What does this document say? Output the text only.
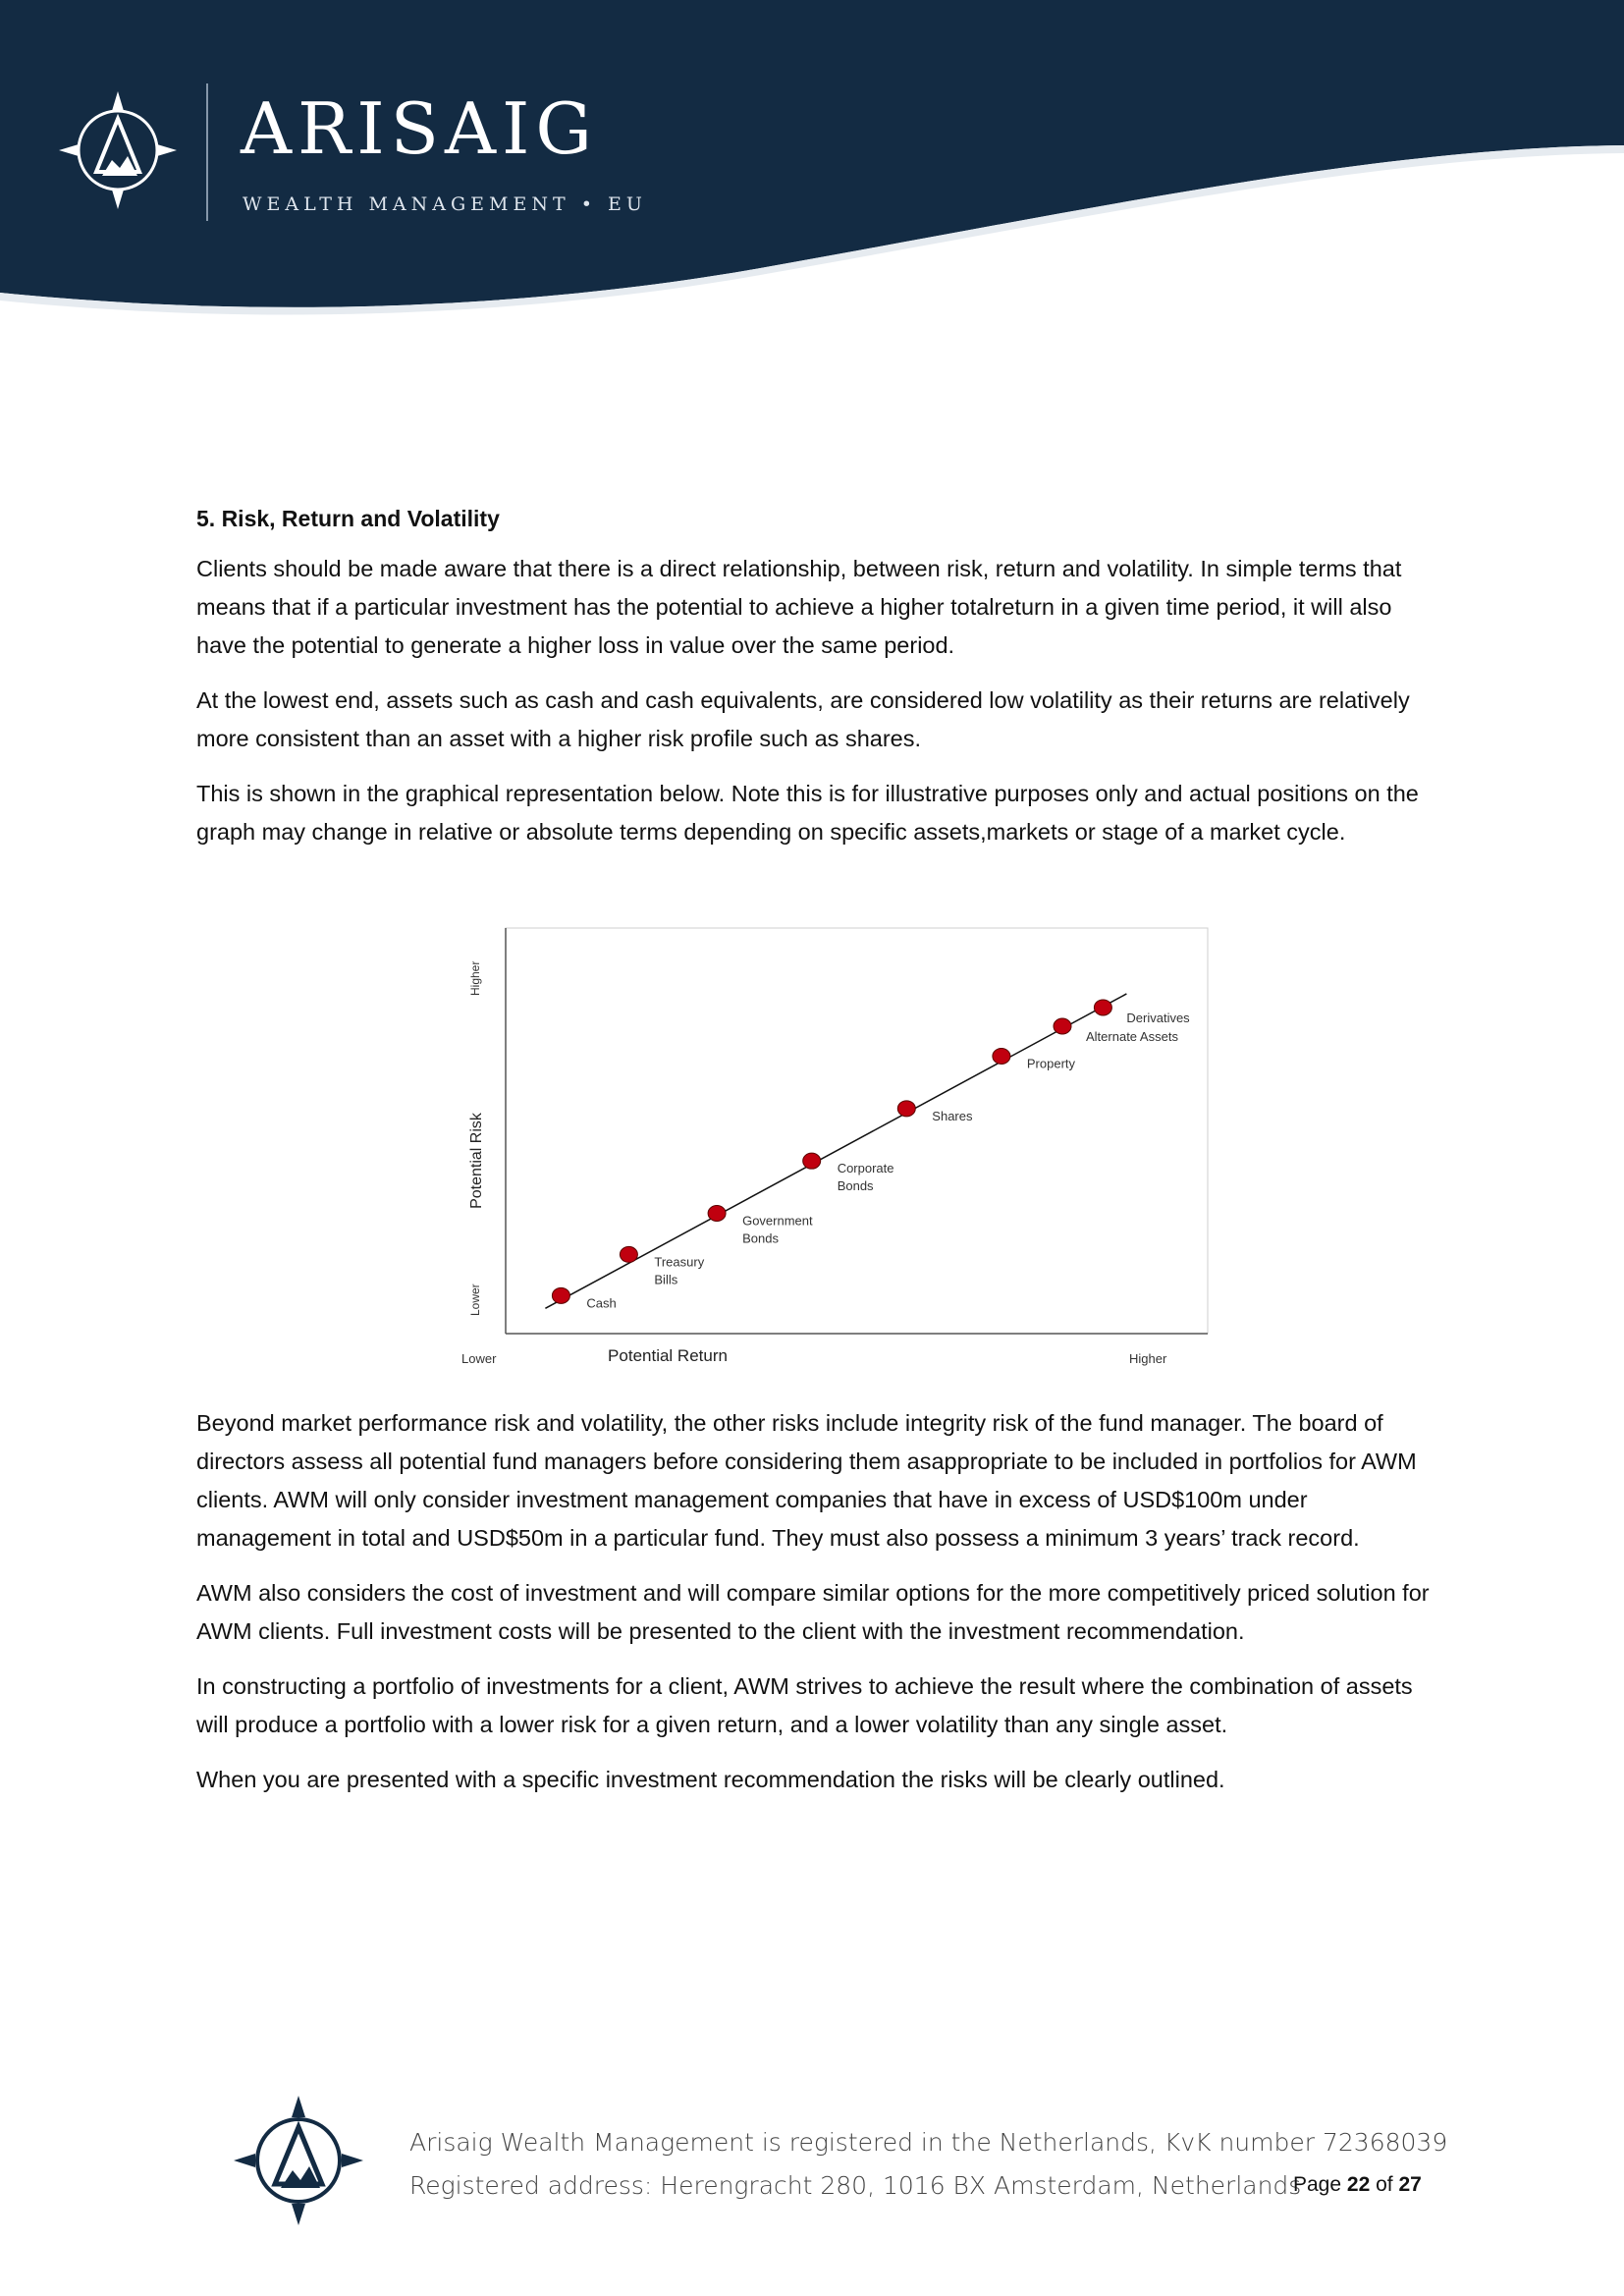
ARISAIG
WEALTH MANAGEMENT • EU
5. Risk, Return and Volatility

Clients should be made aware that there is a direct relationship, between risk, return and volatility. In simple terms that means that if a particular investment has the potential to achieve a higher totalreturn in a given time period, it will also have the potential to generate a higher loss in value over the same period.

At the lowest end, assets such as cash and cash equivalents, are considered low volatility as their returns are relatively more consistent than an asset with a higher risk profile such as shares.

This is shown in the graphical representation below. Note this is for illustrative purposes only and actual positions on the graph may change in relative or absolute terms depending on specific assets,markets or stage of a market cycle.

Cash
Treasury Bills
Government Bonds
Corporate Bonds
Shares
Property
Alternate Assets
Derivatives
Lower	Higher
Potential Return
Lower
Higher
Potential Risk

Beyond market performance risk and volatility, the other risks include integrity risk of the fund manager. The board of directors assess all potential fund managers before considering them asappropriate to be included in portfolios for AWM clients. AWM will only consider investment management companies that have in excess of USD$100m under management in total and USD$50m in a particular fund. They must also possess a minimum 3 years’ track record.

AWM also considers the cost of investment and will compare similar options for the more competitively priced solution for AWM clients. Full investment costs will be presented to the client with the investment recommendation.

In constructing a portfolio of investments for a client, AWM strives to achieve the result where the combination of assets will produce a portfolio with a lower risk for a given return, and a lower volatility than any single asset.

When you are presented with a specific investment recommendation the risks will be clearly outlined.

Arisaig Wealth Management is registered in the Netherlands, KvK number 72368039
Registered address: Herengracht 280, 1016 BX Amsterdam, Netherlands
Page 22 of 27
